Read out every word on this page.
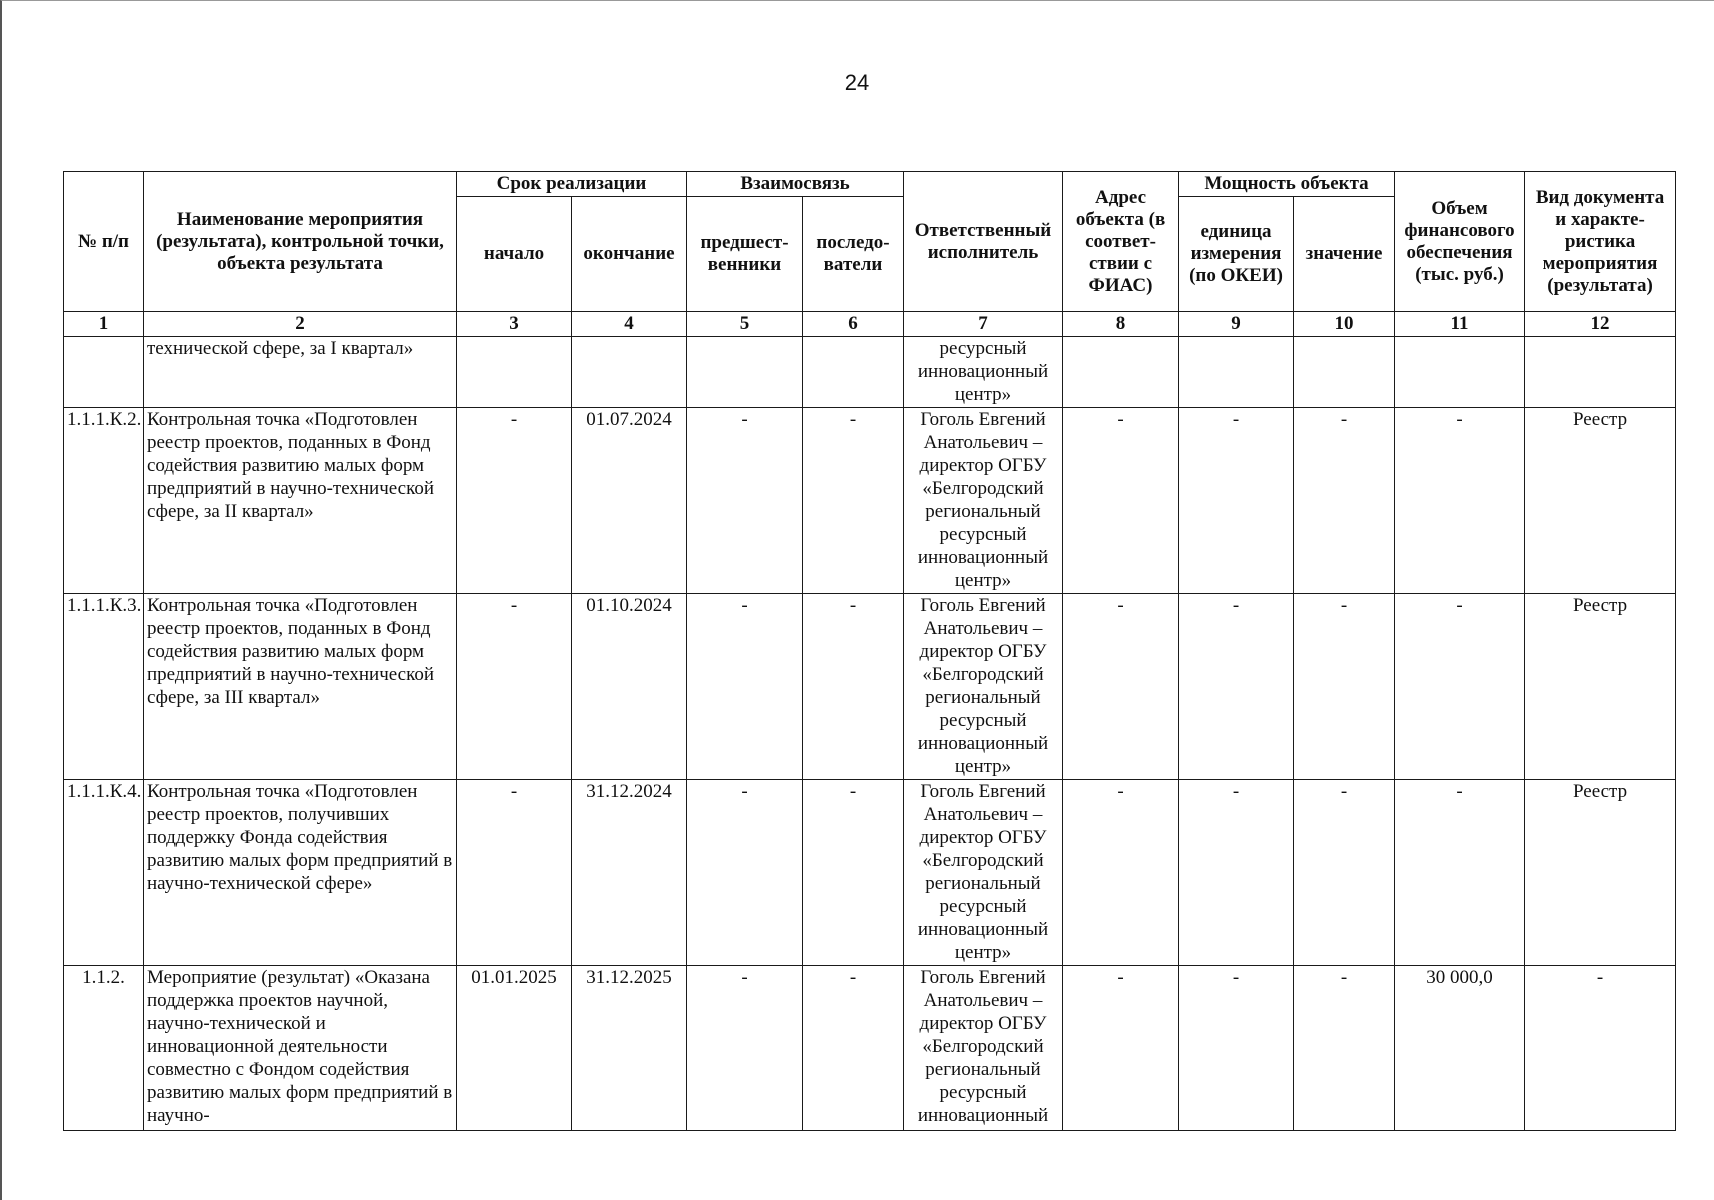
24
№ п/п	Наименование мероприятия (результата), контрольной точки, объекта результата	Срок реализации		Взаимосвязь		Ответственный исполнитель	Адрес объекта (в соответ-ствии с ФИАС)	Мощность объекта		Объем финансового обеспечения (тыс. руб.)	Вид документа и характе-ристика мероприятия (результата)
		начало	окончание	предшест-венники	последо-ватели			единица измерения (по ОКЕИ)	значение		
1	2	3	4	5	6	7	8	9	10	11	12
	технической сфере, за I квартал»					ресурсный инновационный центр»					
1.1.1.К.2.	Контрольная точка «Подготовлен реестр проектов, поданных в Фонд содействия развитию малых форм предприятий в научно-технической сфере, за II квартал»	-	01.07.2024	-	-	Гоголь Евгений Анатольевич – директор ОГБУ «Белгородский региональный ресурсный инновационный центр»	-	-	-	-	Реестр
1.1.1.К.3.	Контрольная точка «Подготовлен реестр проектов, поданных в Фонд содействия развитию малых форм предприятий в научно-технической сфере, за III квартал»	-	01.10.2024	-	-	Гоголь Евгений Анатольевич – директор ОГБУ «Белгородский региональный ресурсный инновационный центр»	-	-	-	-	Реестр
1.1.1.К.4.	Контрольная точка «Подготовлен реестр проектов, получивших поддержку Фонда содействия развитию малых форм предприятий в научно-технической сфере»	-	31.12.2024	-	-	Гоголь Евгений Анатольевич – директор ОГБУ «Белгородский региональный ресурсный инновационный центр»	-	-	-	-	Реестр
1.1.2.	Мероприятие (результат) «Оказана поддержка проектов научной, научно-технической и инновационной деятельности совместно с Фондом содействия развитию малых форм предприятий в научно-	01.01.2025	31.12.2025	-	-	Гоголь Евгений Анатольевич – директор ОГБУ «Белгородский региональный ресурсный инновационный	-	-	-	30 000,0	-
